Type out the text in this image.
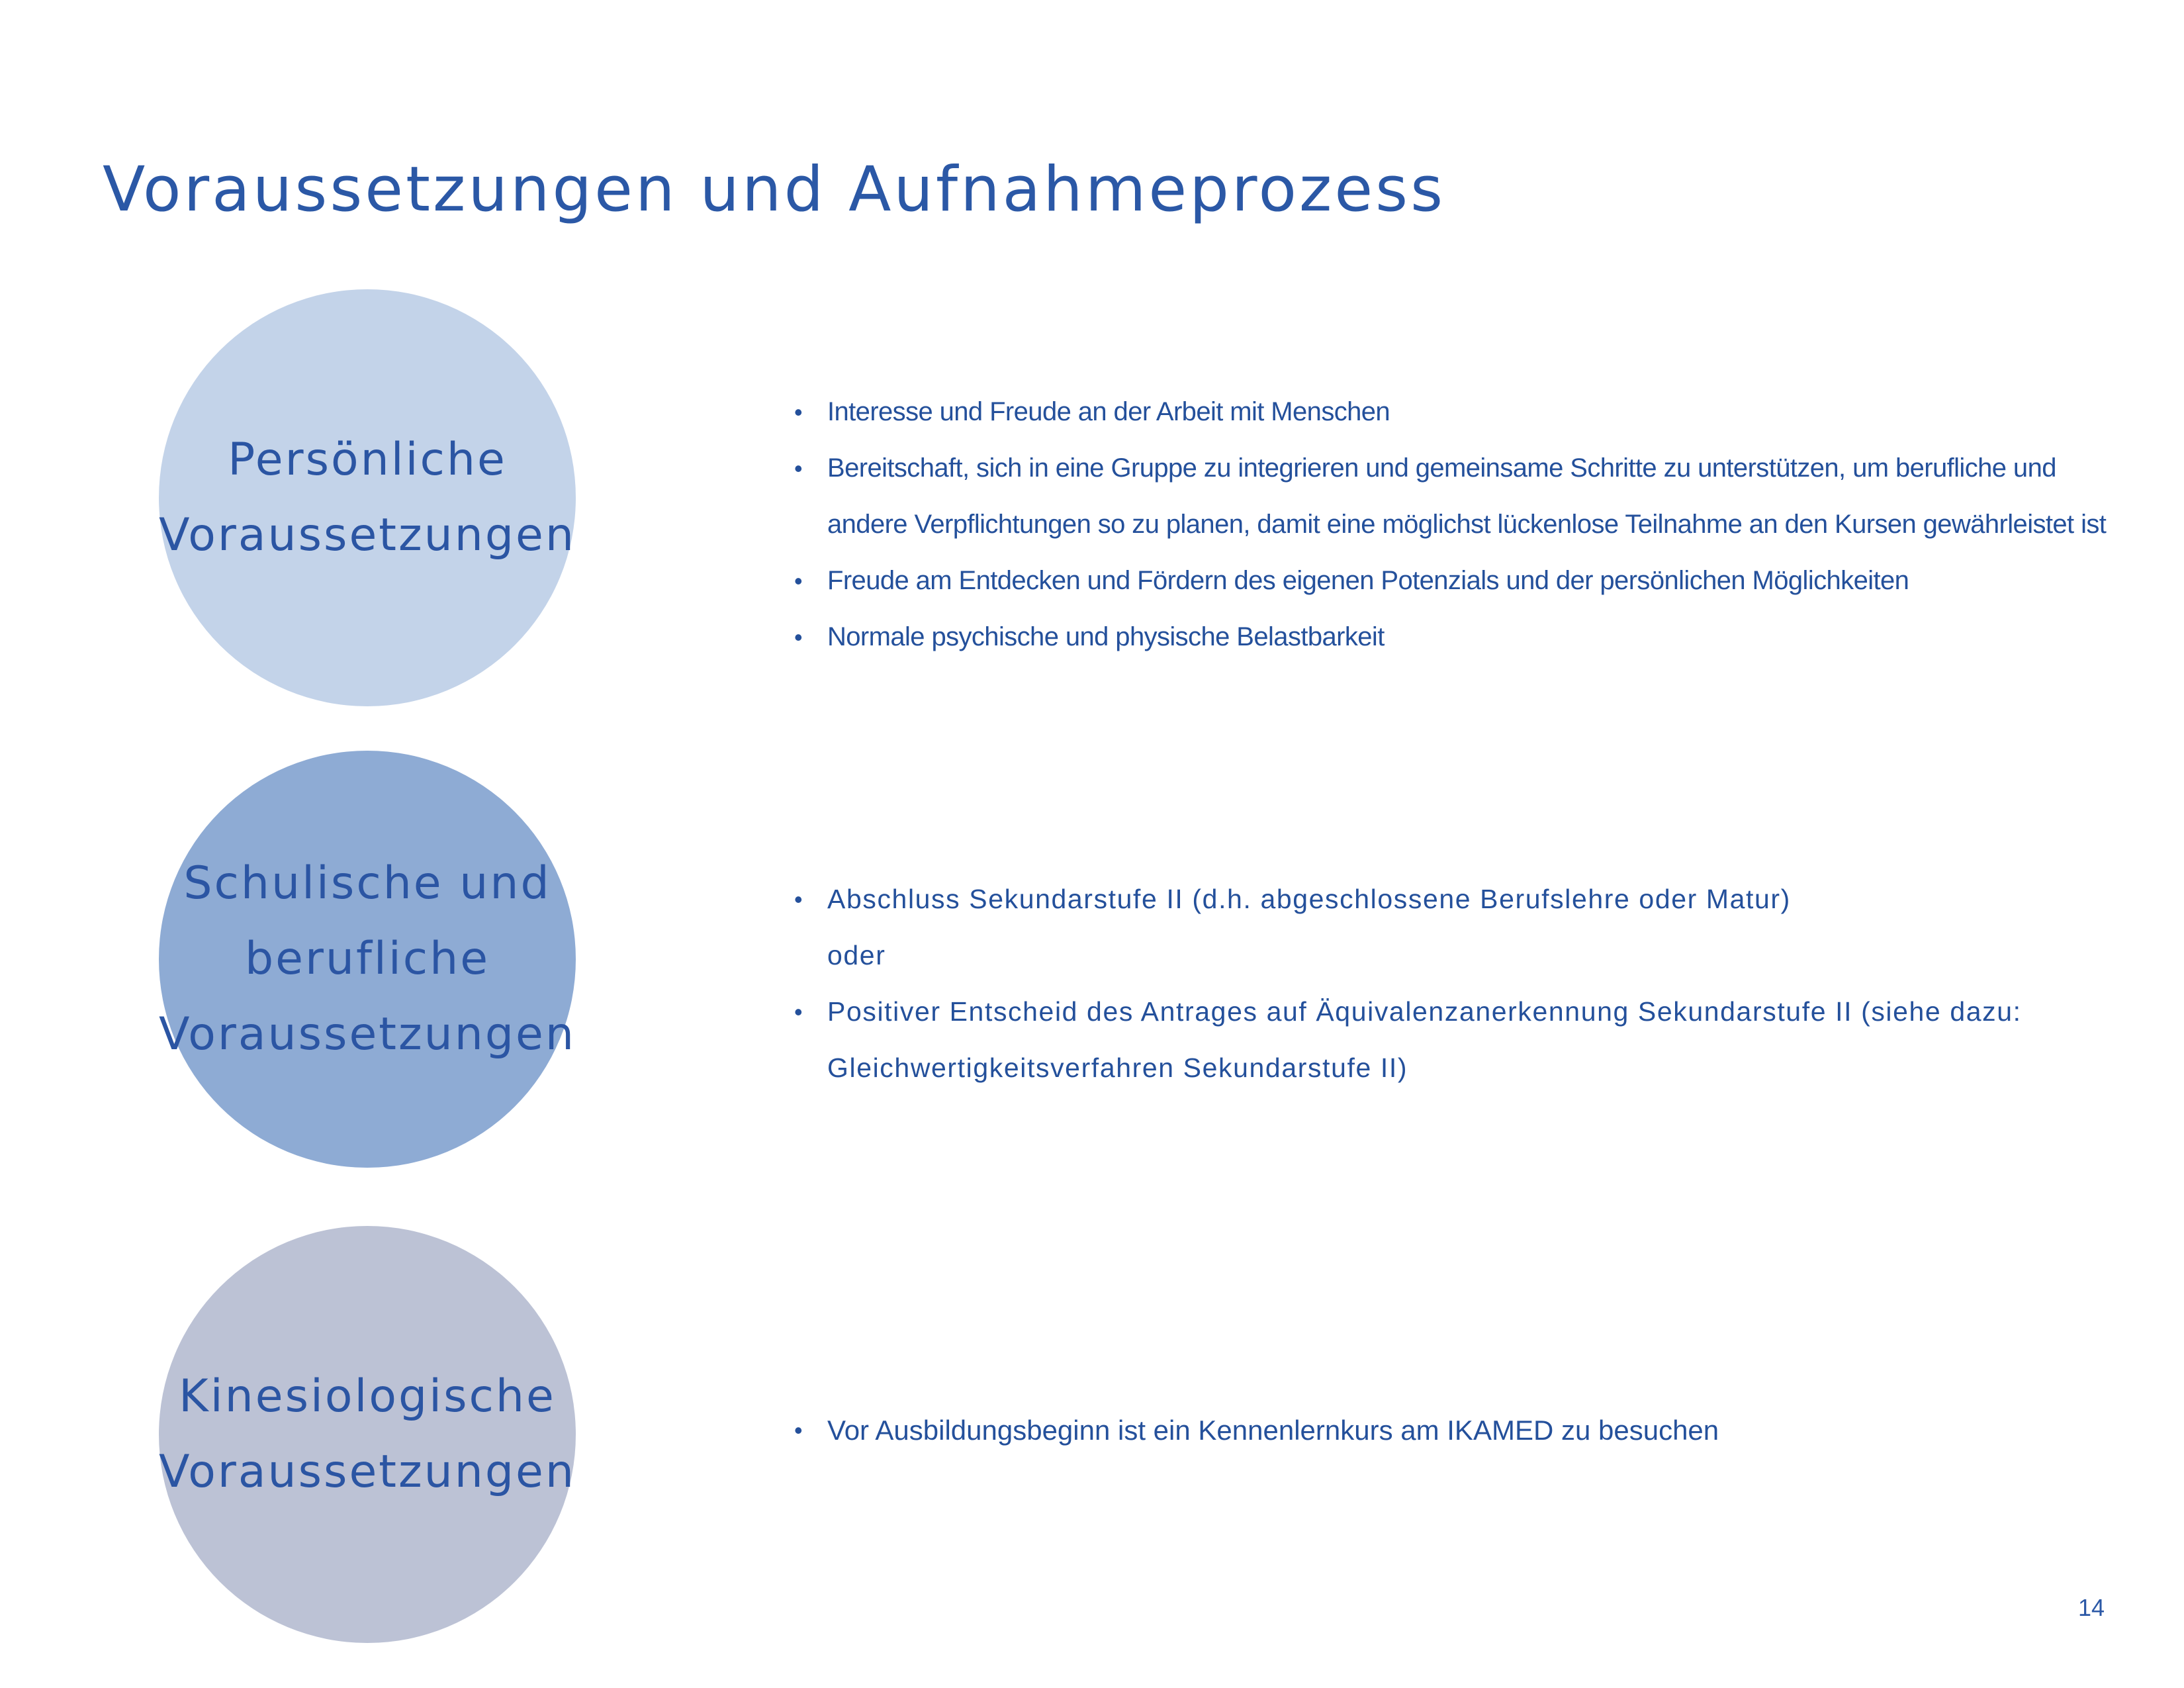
Voraussetzungen und Aufnahmeprozess
Persönliche
Voraussetzungen
• Interesse und Freude an der Arbeit mit Menschen
• Bereitschaft, sich in eine Gruppe zu integrieren und gemeinsame Schritte zu unterstützen, um berufliche und
andere Verpflichtungen so zu planen, damit eine möglichst lückenlose Teilnahme an den Kursen gewährleistet ist
• Freude am Entdecken und Fördern des eigenen Potenzials und der persönlichen Möglichkeiten
• Normale psychische und physische Belastbarkeit
Schulische und
berufliche
Voraussetzungen
• Abschluss Sekundarstufe II (d.h. abgeschlossene Berufslehre oder Matur)
oder
• Positiver Entscheid des Antrages auf Äquivalenzanerkennung Sekundarstufe II (siehe dazu:
Gleichwertigkeitsverfahren Sekundarstufe II)
Kinesiologische
Voraussetzungen
• Vor Ausbildungsbeginn ist ein Kennenlernkurs am IKAMED zu besuchen
14
